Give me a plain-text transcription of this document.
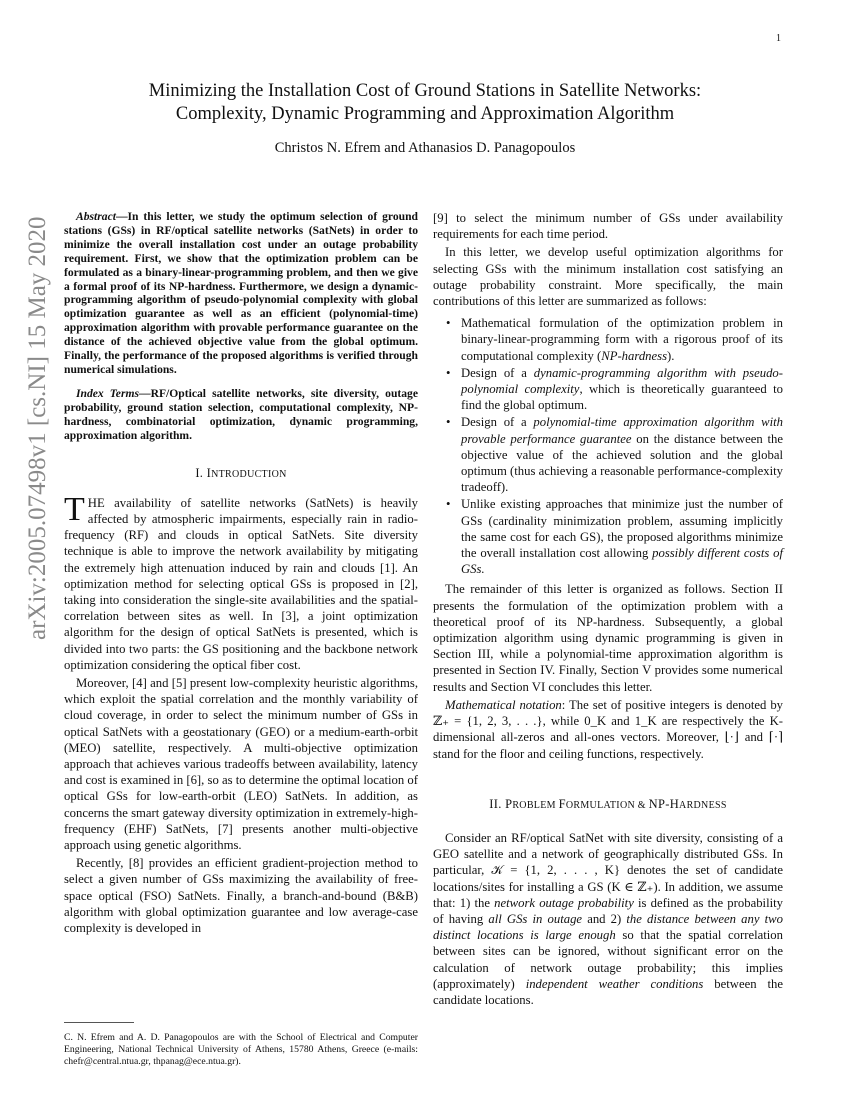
1
arXiv:2005.07498v1 [cs.NI] 15 May 2020
Minimizing the Installation Cost of Ground Stations in Satellite Networks:
Complexity, Dynamic Programming and Approximation Algorithm
Christos N. Efrem and Athanasios D. Panagopoulos

Abstract—In this letter, we study the optimum selection of ground stations (GSs) in RF/optical satellite networks (SatNets) in order to minimize the overall installation cost under an outage probability requirement. First, we show that the optimization problem can be formulated as a binary-linear-programming problem, and then we give a formal proof of its NP-hardness. Furthermore, we design a dynamic-programming algorithm of pseudo-polynomial complexity with global optimization guarantee as well as an efficient (polynomial-time) approximation algorithm with provable performance guarantee on the distance of the achieved objective value from the global optimum. Finally, the performance of the proposed algorithms is verified through numerical simulations.

Index Terms—RF/Optical satellite networks, site diversity, outage probability, ground station selection, computational complexity, NP-hardness, combinatorial optimization, dynamic programming, approximation algorithm.

I. INTRODUCTION

THE availability of satellite networks (SatNets) is heavily affected by atmospheric impairments, especially rain in radio-frequency (RF) and clouds in optical SatNets. Site diversity technique is able to improve the network availability by mitigating the extremely high attenuation induced by rain and clouds [1]. An optimization method for selecting optical GSs is proposed in [2], taking into consideration the single-site availabilities and the spatial-correlation between sites as well. In [3], a joint optimization algorithm for the design of optical SatNets is presented, which is divided into two parts: the GS positioning and the backbone network optimization considering the optical fiber cost.

Moreover, [4] and [5] present low-complexity heuristic algorithms, which exploit the spatial correlation and the monthly variability of cloud coverage, in order to select the minimum number of GSs in optical SatNets with a geostationary (GEO) or a medium-earth-orbit (MEO) satellite, respectively. A multi-objective optimization approach that achieves various tradeoffs between availability, latency and cost is examined in [6], so as to determine the optimal location of optical GSs for low-earth-orbit (LEO) SatNets. In addition, as concerns the smart gateway diversity optimization in extremely-high-frequency (EHF) SatNets, [7] presents another multi-objective approach using genetic algorithms.

Recently, [8] provides an efficient gradient-projection method to select a given number of GSs maximizing the availability of free-space optical (FSO) SatNets. Finally, a branch-and-bound (B&B) algorithm with global optimization guarantee and low average-case complexity is developed in

C. N. Efrem and A. D. Panagopoulos are with the School of Electrical and Computer Engineering, National Technical University of Athens, 15780 Athens, Greece (e-mails: chefr@central.ntua.gr, thpanag@ece.ntua.gr).

[9] to select the minimum number of GSs under availability requirements for each time period.

In this letter, we develop useful optimization algorithms for selecting GSs with the minimum installation cost satisfying an outage probability constraint. More specifically, the main contributions of this letter are summarized as follows:

• Mathematical formulation of the optimization problem in binary-linear-programming form with a rigorous proof of its computational complexity (NP-hardness).
• Design of a dynamic-programming algorithm with pseudo-polynomial complexity, which is theoretically guaranteed to find the global optimum.
• Design of a polynomial-time approximation algorithm with provable performance guarantee on the distance between the objective value of the achieved solution and the global optimum (thus achieving a reasonable performance-complexity tradeoff).
• Unlike existing approaches that minimize just the number of GSs (cardinality minimization problem, assuming implicitly the same cost for each GS), the proposed algorithms minimize the overall installation cost allowing possibly different costs of GSs.

The remainder of this letter is organized as follows. Section II presents the formulation of the optimization problem with a theoretical proof of its NP-hardness. Subsequently, a global optimization algorithm using dynamic programming is given in Section III, while a polynomial-time approximation algorithm is presented in Section IV. Finally, Section V provides some numerical results and Section VI concludes this letter.

Mathematical notation: The set of positive integers is denoted by ℤ₊ = {1, 2, 3, . . .}, while 0_K and 1_K are respectively the K-dimensional all-zeros and all-ones vectors. Moreover, ⌊·⌋ and ⌈·⌉ stand for the floor and ceiling functions, respectively.

II. PROBLEM FORMULATION & NP-HARDNESS

Consider an RF/optical SatNet with site diversity, consisting of a GEO satellite and a network of geographically distributed GSs. In particular, 𝒦 = {1, 2, . . . , K} denotes the set of candidate locations/sites for installing a GS (K ∈ ℤ₊). In addition, we assume that: 1) the network outage probability is defined as the probability of having all GSs in outage and 2) the distance between any two distinct locations is large enough so that the spatial correlation between sites can be ignored, without significant error on the calculation of network outage probability; this implies (approximately) independent weather conditions between the candidate locations.
